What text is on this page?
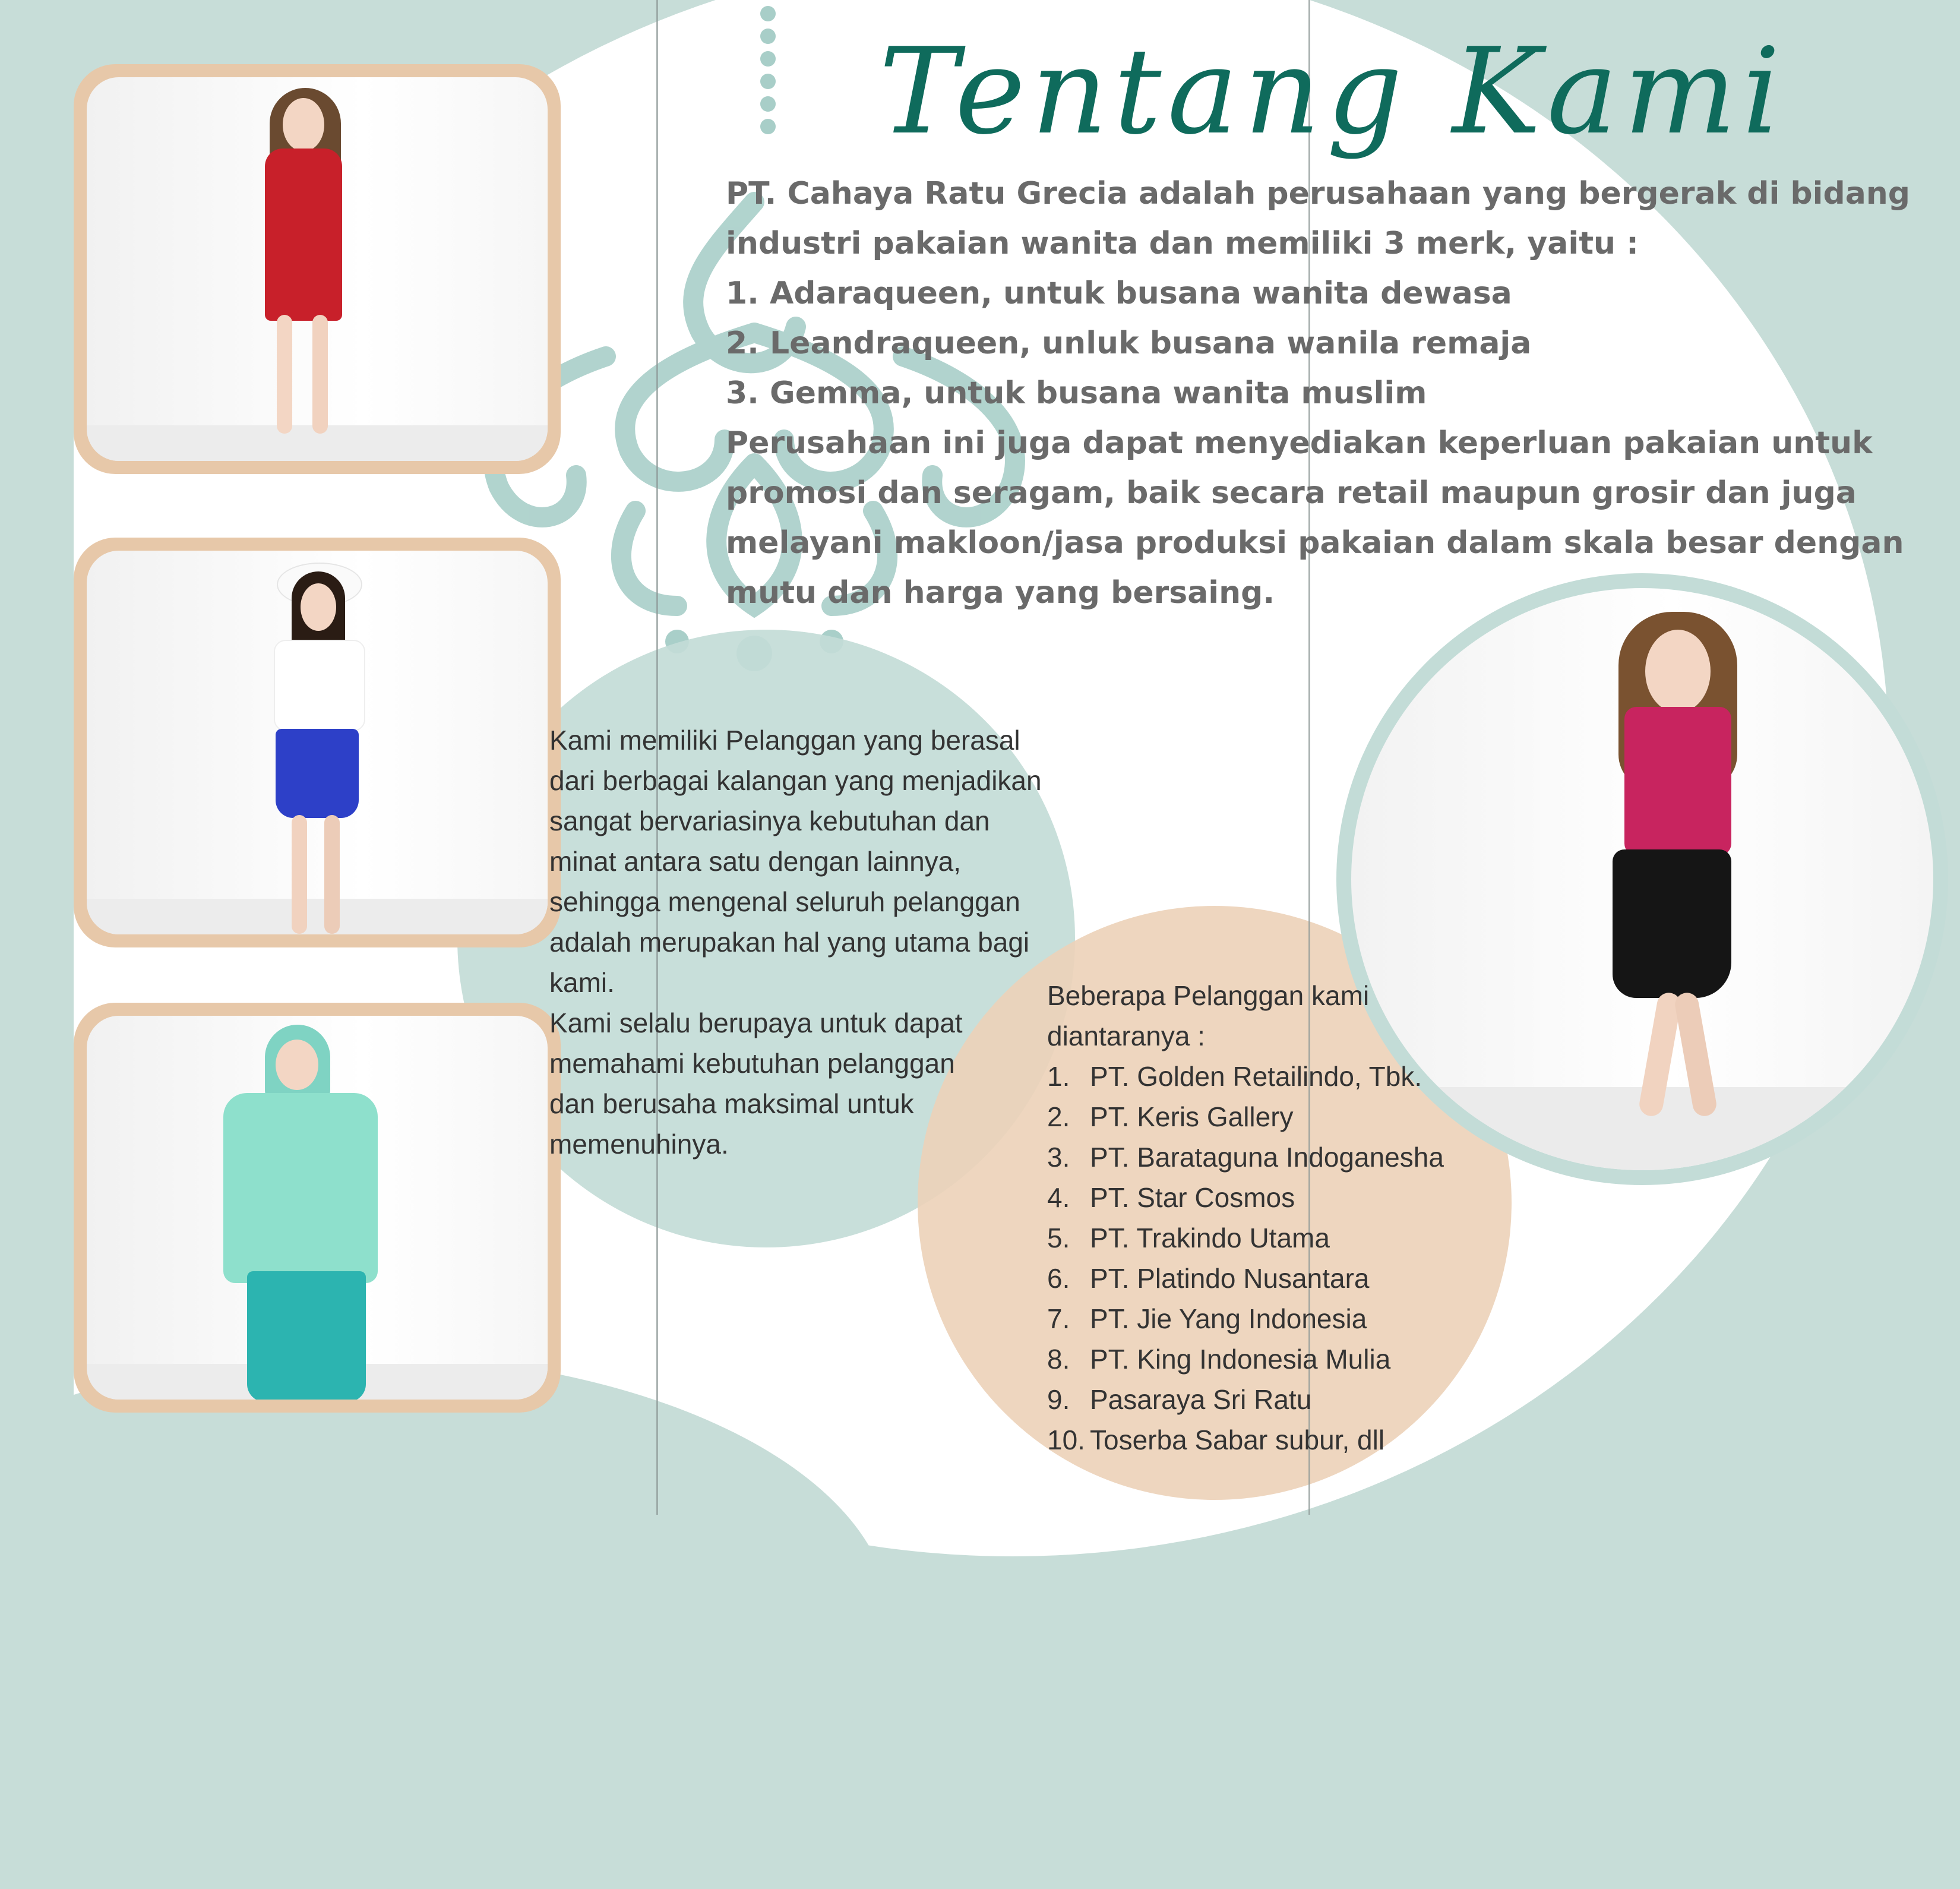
Tentang Kami
PT. Cahaya Ratu Grecia adalah perusahaan yang bergerak di bidang
industri pakaian wanita dan memiliki 3 merk, yaitu :
1. Adaraqueen, untuk busana wanita dewasa
2. Leandraqueen, unluk busana wanila remaja
3. Gemma, untuk busana wanita muslim
Perusahaan ini juga dapat menyediakan keperluan pakaian untuk
promosi dan seragam, baik secara retail maupun grosir dan juga
melayani makloon/jasa produksi pakaian dalam skala besar dengan
mutu dan harga yang bersaing.
Kami memiliki Pelanggan yang berasal
dari berbagai kalangan yang menjadikan
sangat bervariasinya kebutuhan dan
minat antara satu dengan lainnya,
sehingga mengenal seluruh pelanggan
adalah merupakan hal yang utama bagi
kami.
Kami selalu berupaya untuk dapat
memahami kebutuhan pelanggan
dan berusaha maksimal untuk
memenuhinya.
Beberapa Pelanggan kami
diantaranya :
1. PT. Golden Retailindo, Tbk.
2. PT. Keris Gallery
3. PT. Barataguna Indoganesha
4. PT. Star Cosmos
5. PT. Trakindo Utama
6. PT. Platindo Nusantara
7. PT. Jie Yang Indonesia
8. PT. King Indonesia Mulia
9. Pasaraya Sri Ratu
10. Toserba Sabar subur, dll
